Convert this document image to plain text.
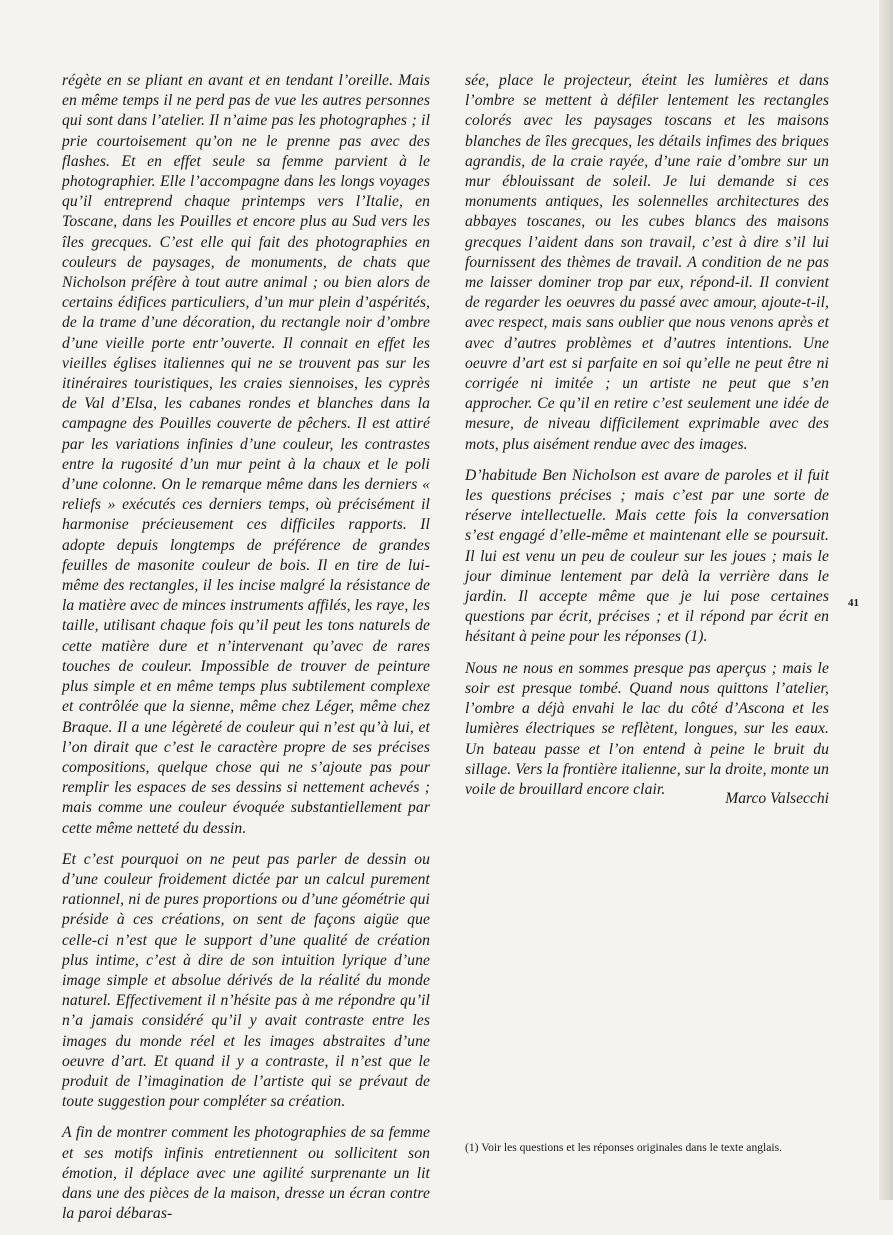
régète en se pliant en avant et en tendant l’oreille. Mais en même temps il ne perd pas de vue les autres personnes qui sont dans l’atelier. Il n’aime pas les photographes ; il prie courtoisement qu’on ne le prenne pas avec des flashes. Et en effet seule sa femme parvient à le photographier. Elle l’accompagne dans les longs voyages qu’il entreprend chaque printemps vers l’Italie, en Toscane, dans les Pouilles et encore plus au Sud vers les îles grecques. C’est elle qui fait des photographies en couleurs de paysages, de monuments, de chats que Nicholson préfère à tout autre animal ; ou bien alors de certains édifices particuliers, d’un mur plein d’aspérités, de la trame d’une décoration, du rectangle noir d’ombre d’une vieille porte entr’ouverte. Il connait en effet les vieilles églises italiennes qui ne se trouvent pas sur les itinéraires touristiques, les craies siennoises, les cyprès de Val d’Elsa, les cabanes rondes et blanches dans la campagne des Pouilles couverte de pêchers. Il est attiré par les variations infinies d’une couleur, les contrastes entre la rugosité d’un mur peint à la chaux et le poli d’une colonne. On le remarque même dans les derniers « reliefs » exécutés ces derniers temps, où précisément il harmonise précieusement ces difficiles rapports. Il adopte depuis longtemps de préférence de grandes feuilles de masonite couleur de bois. Il en tire de lui-même des rectangles, il les incise malgré la résistance de la matière avec de minces instruments affilés, les raye, les taille, utilisant chaque fois qu’il peut les tons naturels de cette matière dure et n’intervenant qu’avec de rares touches de couleur. Impossible de trouver de peinture plus simple et en même temps plus subtilement complexe et contrôlée que la sienne, même chez Léger, même chez Braque. Il a une légèreté de couleur qui n’est qu’à lui, et l’on dirait que c’est le caractère propre de ses précises compositions, quelque chose qui ne s’ajoute pas pour remplir les espaces de ses dessins si nettement achevés ; mais comme une couleur évoquée substantiellement par cette même netteté du dessin.

Et c’est pourquoi on ne peut pas parler de dessin ou d’une couleur froidement dictée par un calcul purement rationnel, ni de pures proportions ou d’une géométrie qui préside à ces créations, on sent de façons aigüe que celle-ci n’est que le support d’une qualité de création plus intime, c’est à dire de son intuition lyrique d’une image simple et absolue dérivés de la réalité du monde naturel. Effectivement il n’hésite pas à me répondre qu’il n’a jamais considéré qu’il y avait contraste entre les images du monde réel et les images abstraites d’une oeuvre d’art. Et quand il y a contraste, il n’est que le produit de l’imagination de l’artiste qui se prévaut de toute suggestion pour compléter sa création.

A fin de montrer comment les photographies de sa femme et ses motifs infinis entretiennent ou sollicitent son émotion, il déplace avec une agilité surprenante un lit dans une des pièces de la maison, dresse un écran contre la paroi débaras-

sée, place le projecteur, éteint les lumières et dans l’ombre se mettent à défiler lentement les rectangles colorés avec les paysages toscans et les maisons blanches de îles grecques, les détails infimes des briques agrandis, de la craie rayée, d’une raie d’ombre sur un mur éblouissant de soleil. Je lui demande si ces monuments antiques, les solennelles architectures des abbayes toscanes, ou les cubes blancs des maisons grecques l’aident dans son travail, c’est à dire s’il lui fournissent des thèmes de travail. A condition de ne pas me laisser dominer trop par eux, répond-il. Il convient de regarder les oeuvres du passé avec amour, ajoute-t-il, avec respect, mais sans oublier que nous venons après et avec d’autres problèmes et d’autres intentions. Une oeuvre d’art est si parfaite en soi qu’elle ne peut être ni corrigée ni imitée ; un artiste ne peut que s’en approcher. Ce qu’il en retire c’est seulement une idée de mesure, de niveau difficilement exprimable avec des mots, plus aisément rendue avec des images.

D’habitude Ben Nicholson est avare de paroles et il fuit les questions précises ; mais c’est par une sorte de réserve intellectuelle. Mais cette fois la conversation s’est engagé d’elle-même et maintenant elle se poursuit. Il lui est venu un peu de couleur sur les joues ; mais le jour diminue lentement par delà la verrière dans le jardin. Il accepte même que je lui pose certaines questions par écrit, précises ; et il répond par écrit en hésitant à peine pour les réponses (1).

Nous ne nous en sommes presque pas aperçus ; mais le soir est presque tombé. Quand nous quittons l’atelier, l’ombre a déjà envahi le lac du côté d’Ascona et les lumières électriques se reflètent, longues, sur les eaux. Un bateau passe et l’on entend à peine le bruit du sillage. Vers la frontière italienne, sur la droite, monte un voile de brouillard encore clair.

Marco Valsecchi
41
(1) Voir les questions et les réponses originales dans le texte anglais.
